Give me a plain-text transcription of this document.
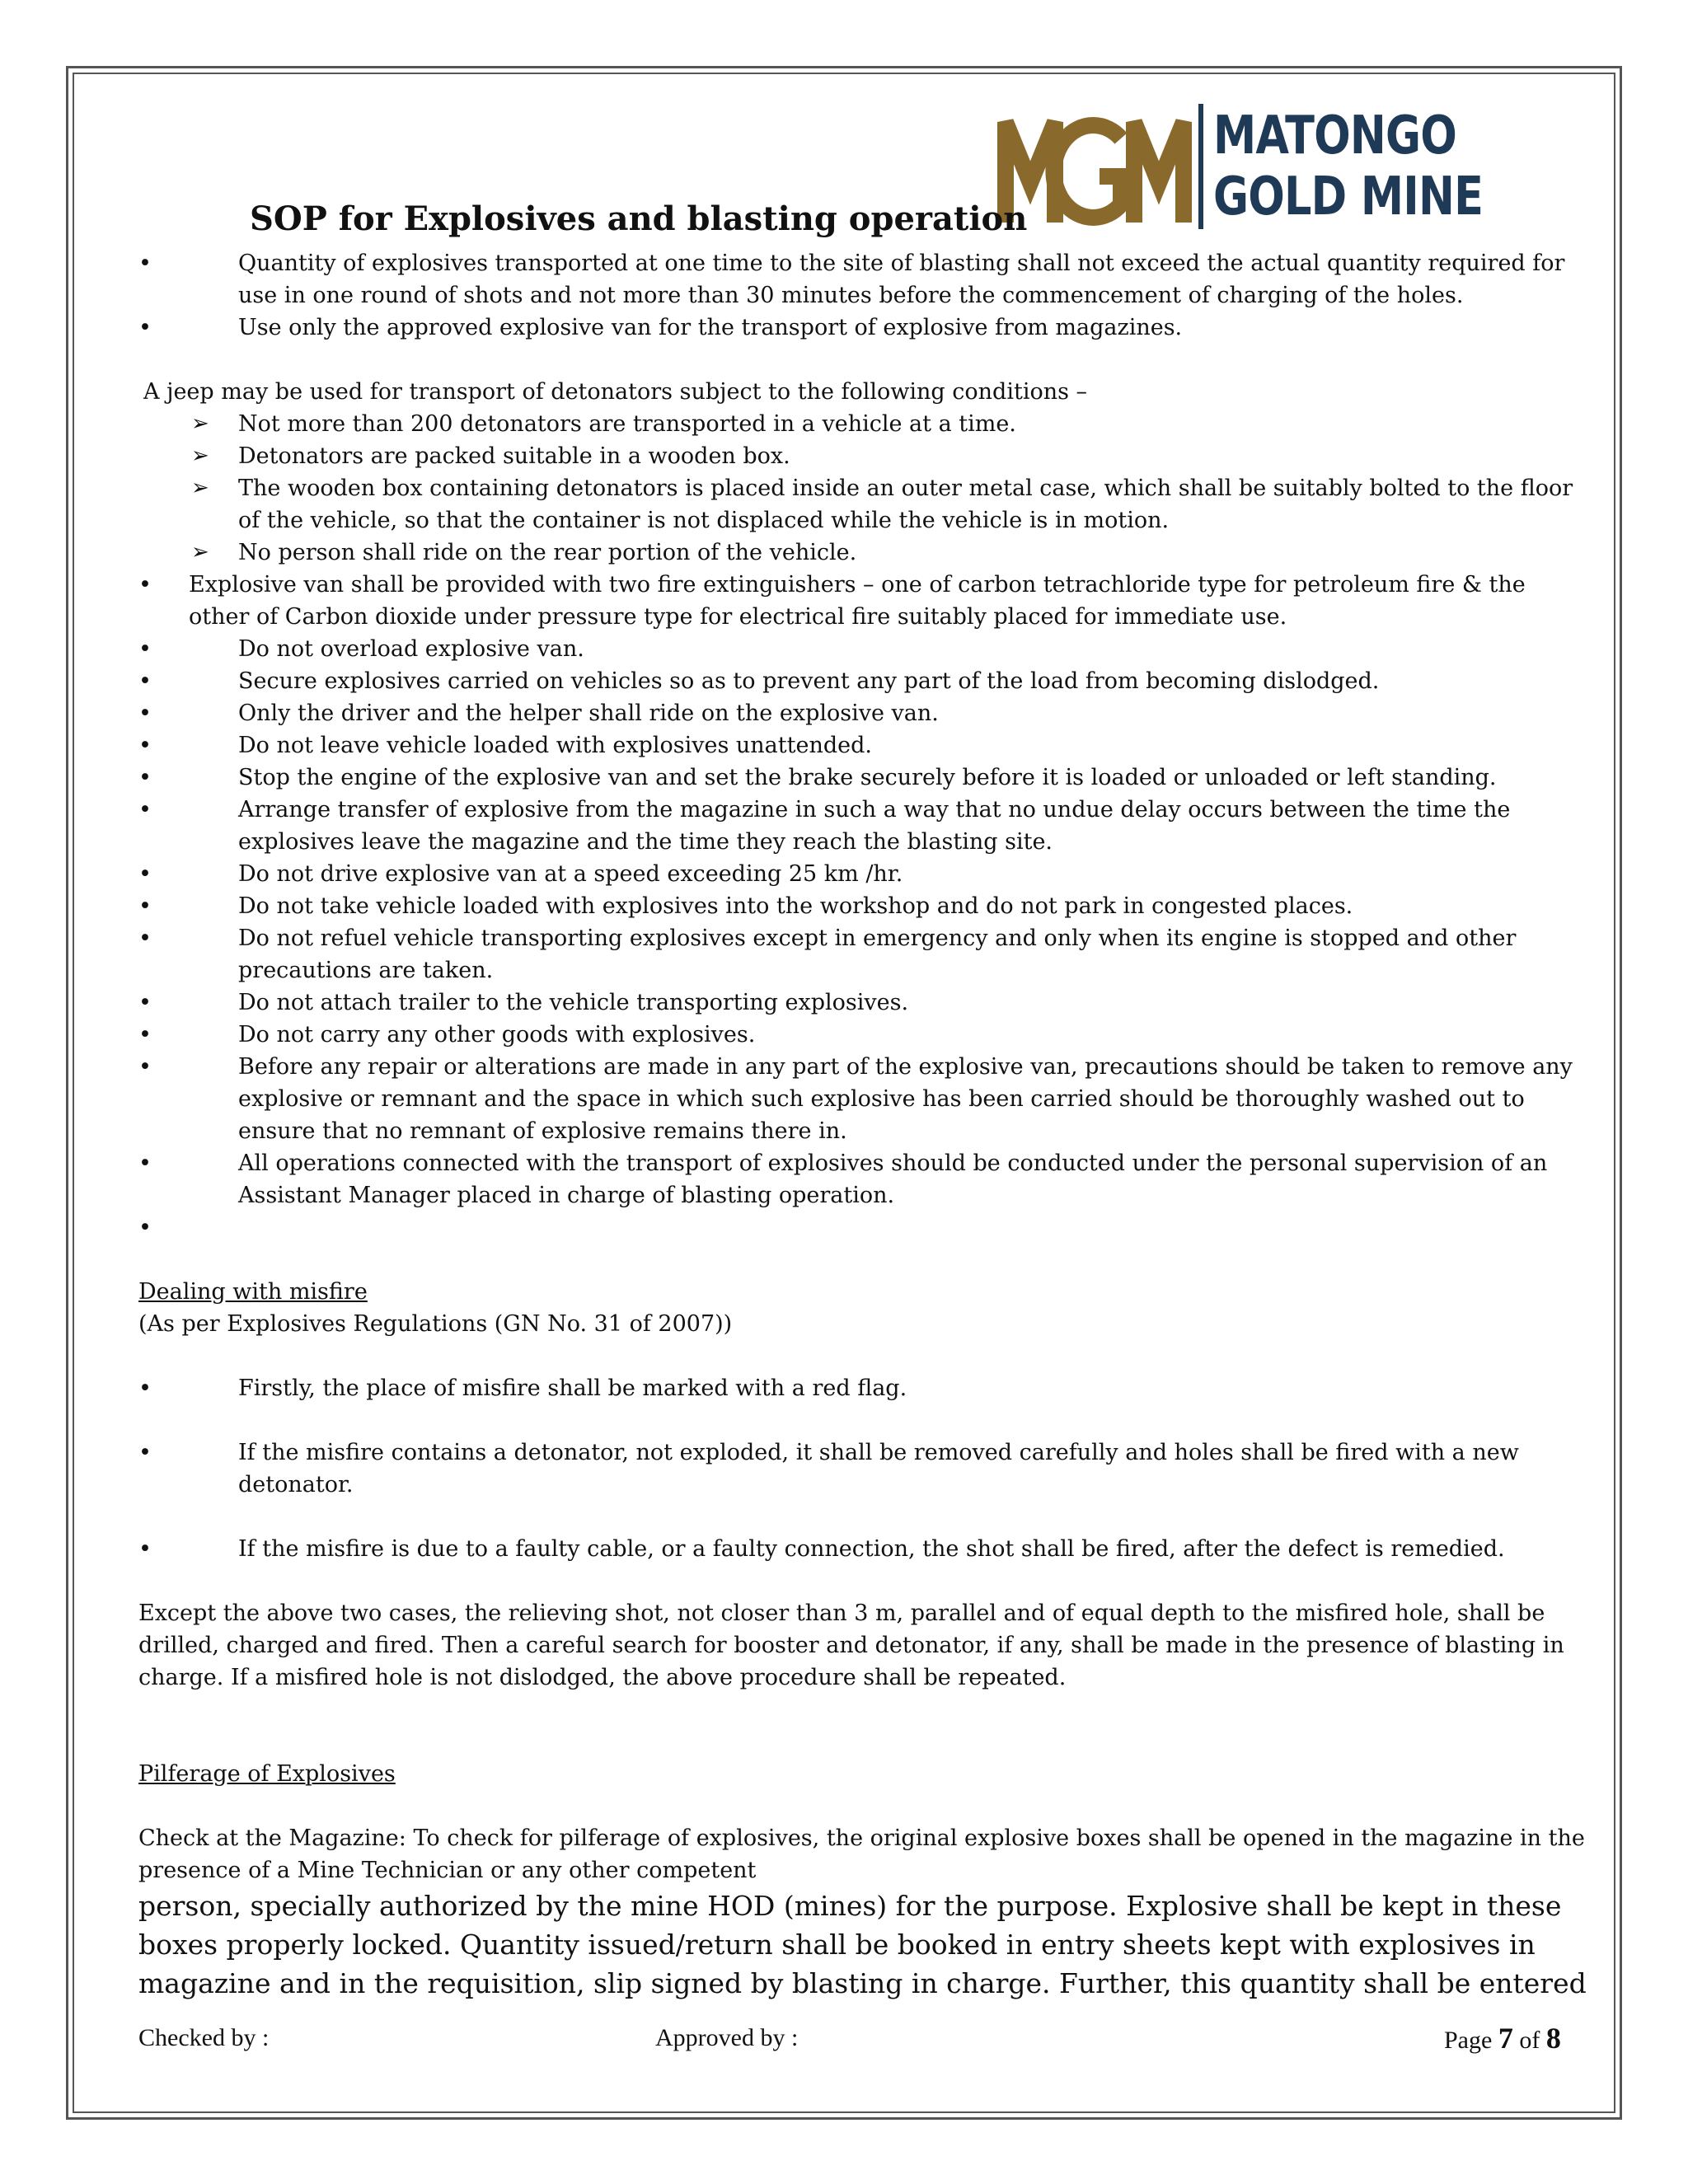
MATONGO
GOLD MINE
SOP for Explosives and blasting operation
•	Quantity of explosives transported at one time to the site of blasting shall not exceed the actual quantity required for
use in one round of shots and not more than 30 minutes before the commencement of charging of the holes.
•	Use only the approved explosive van for the transport of explosive from magazines.
A jeep may be used for transport of detonators subject to the following conditions –
➢ Not more than 200 detonators are transported in a vehicle at a time.
➢ Detonators are packed suitable in a wooden box.
➢ The wooden box containing detonators is placed inside an outer metal case, which shall be suitably bolted to the floor
of the vehicle, so that the container is not displaced while the vehicle is in motion.
➢ No person shall ride on the rear portion of the vehicle.
• Explosive van shall be provided with two fire extinguishers – one of carbon tetrachloride type for petroleum fire & the
other of Carbon dioxide under pressure type for electrical fire suitably placed for immediate use.
•	Do not overload explosive van.
•	Secure explosives carried on vehicles so as to prevent any part of the load from becoming dislodged.
•	Only the driver and the helper shall ride on the explosive van.
•	Do not leave vehicle loaded with explosives unattended.
•	Stop the engine of the explosive van and set the brake securely before it is loaded or unloaded or left standing.
•	Arrange transfer of explosive from the magazine in such a way that no undue delay occurs between the time the
explosives leave the magazine and the time they reach the blasting site.
•	Do not drive explosive van at a speed exceeding 25 km /hr.
•	Do not take vehicle loaded with explosives into the workshop and do not park in congested places.
•	Do not refuel vehicle transporting explosives except in emergency and only when its engine is stopped and other
precautions are taken.
•	Do not attach trailer to the vehicle transporting explosives.
•	Do not carry any other goods with explosives.
•	Before any repair or alterations are made in any part of the explosive van, precautions should be taken to remove any
explosive or remnant and the space in which such explosive has been carried should be thoroughly washed out to
ensure that no remnant of explosive remains there in.
•	All operations connected with the transport of explosives should be conducted under the personal supervision of an
Assistant Manager placed in charge of blasting operation.
•

Dealing with misfire
(As per Explosives Regulations (GN No. 31 of 2007))
•	Firstly, the place of misfire shall be marked with a red flag.
•	If the misfire contains a detonator, not exploded, it shall be removed carefully and holes shall be fired with a new
detonator.
•	If the misfire is due to a faulty cable, or a faulty connection, the shot shall be fired, after the defect is remedied.
Except the above two cases, the relieving shot, not closer than 3 m, parallel and of equal depth to the misfired hole, shall be
drilled, charged and fired. Then a careful search for booster and detonator, if any, shall be made in the presence of blasting in
charge. If a misfired hole is not dislodged, the above procedure shall be repeated.
Pilferage of Explosives
Check at the Magazine: To check for pilferage of explosives, the original explosive boxes shall be opened in the magazine in the
presence of a Mine Technician or any other competent
person, specially authorized by the mine HOD (mines) for the purpose. Explosive shall be kept in these
boxes properly locked. Quantity issued/return shall be booked in entry sheets kept with explosives in
magazine and in the requisition, slip signed by blasting in charge. Further, this quantity shall be entered
Checked by :	Approved by :	Page 7 of 8
